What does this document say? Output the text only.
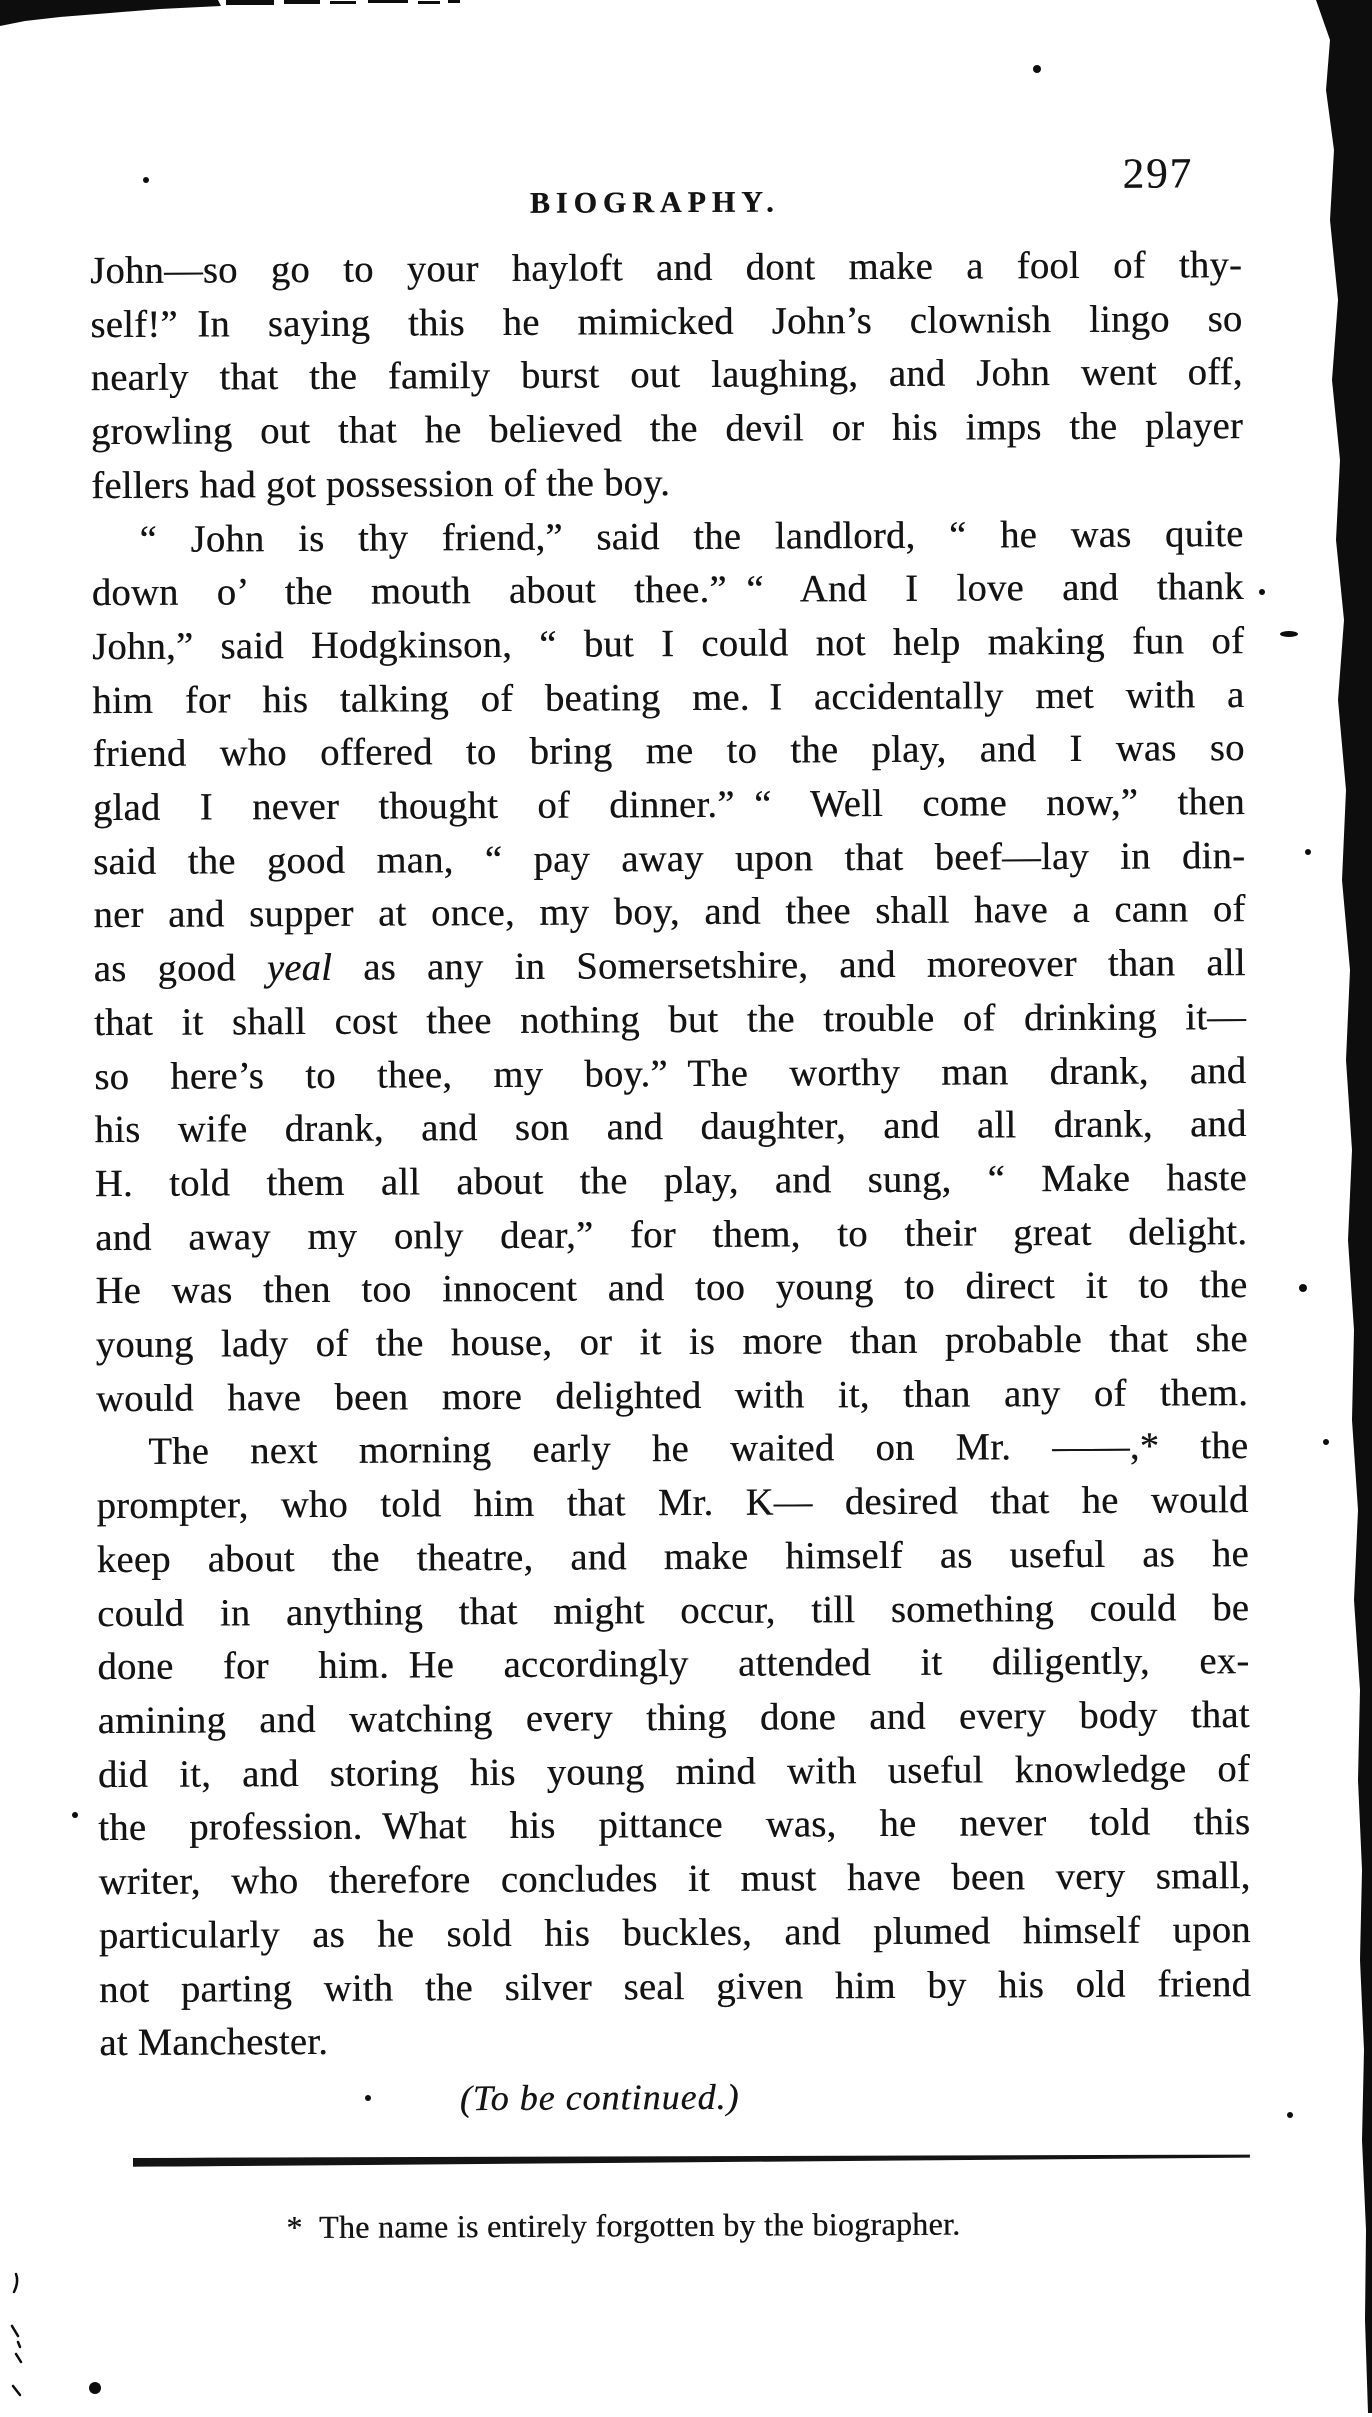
BIOGRAPHY.
297
John—so go to your hayloft and dont make a fool of thy-
self!” In saying this he mimicked John’s clownish lingo so
nearly that the family burst out laughing, and John went off,
growling out that he believed the devil or his imps the player
fellers had got possession of the boy.
“ John is thy friend,” said the landlord, “ he was quite
down o’ the mouth about thee.” “ And I love and thank
John,” said Hodgkinson, “ but I could not help making fun of
him for his talking of beating me. I accidentally met with a
friend who offered to bring me to the play, and I was so
glad I never thought of dinner.” “ Well come now,” then
said the good man, “ pay away upon that beef—lay in din-
ner and supper at once, my boy, and thee shall have a cann of
as good yeal as any in Somersetshire, and moreover than all
that it shall cost thee nothing but the trouble of drinking it—
so here’s to thee, my boy.” The worthy man drank, and
his wife drank, and son and daughter, and all drank, and
H. told them all about the play, and sung, “ Make haste
and away my only dear,” for them, to their great delight.
He was then too innocent and too young to direct it to the
young lady of the house, or it is more than probable that she
would have been more delighted with it, than any of them.
The next morning early he waited on Mr. ——,* the
prompter, who told him that Mr. K— desired that he would
keep about the theatre, and make himself as useful as he
could in anything that might occur, till something could be
done for him. He accordingly attended it diligently, ex-
amining and watching every thing done and every body that
did it, and storing his young mind with useful knowledge of
the profession. What his pittance was, he never told this
writer, who therefore concludes it must have been very small,
particularly as he sold his buckles, and plumed himself upon
not parting with the silver seal given him by his old friend
at Manchester.
(To be continued.)
* The name is entirely forgotten by the biographer.
